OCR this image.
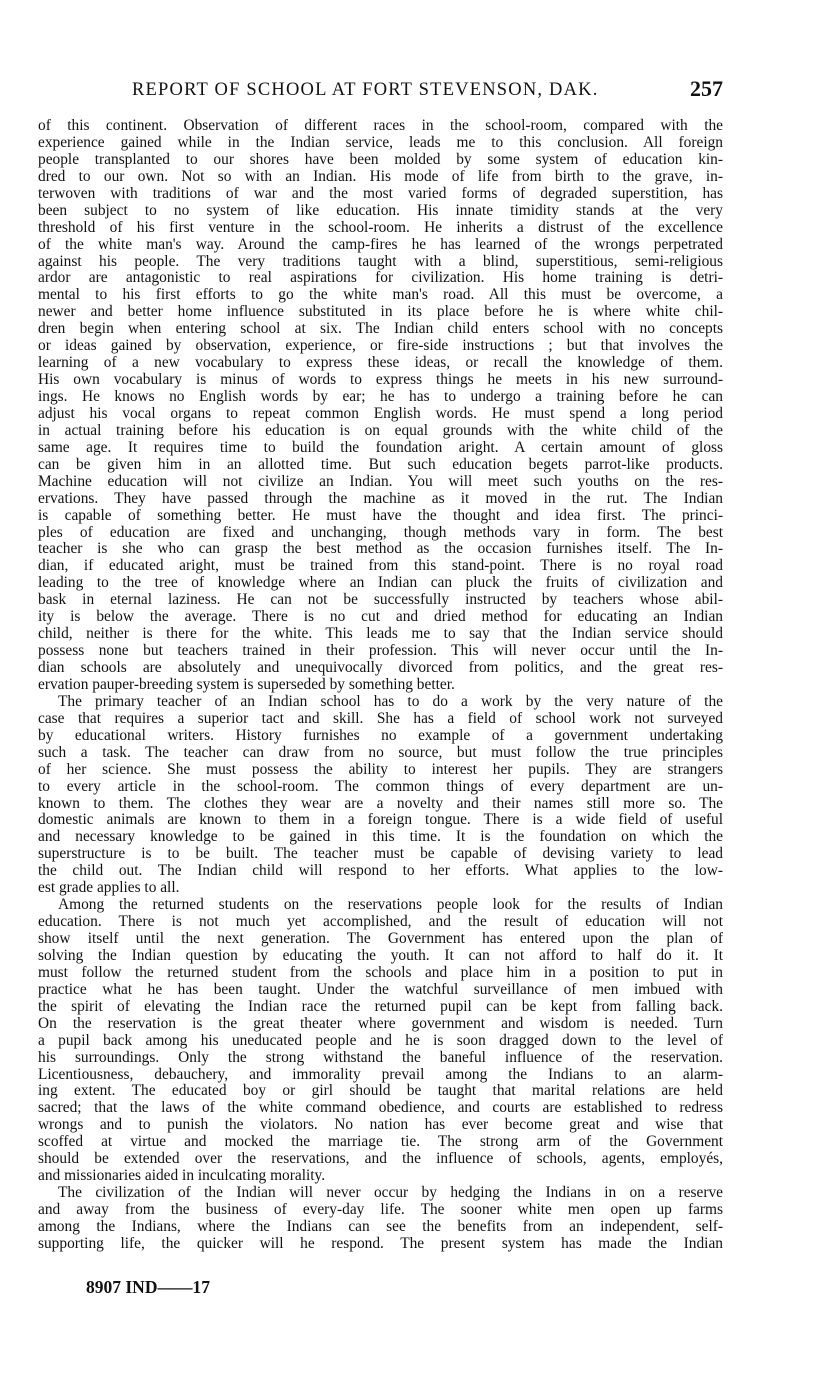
REPORT OF SCHOOL AT FORT STEVENSON, DAK.	257
of this continent. Observation of different races in the school-room, compared with the
experience gained while in the Indian service, leads me to this conclusion. All foreign
people transplanted to our shores have been molded by some system of education kin-
dred to our own. Not so with an Indian. His mode of life from birth to the grave, in-
terwoven with traditions of war and the most varied forms of degraded superstition, has
been subject to no system of like education. His innate timidity stands at the very
threshold of his first venture in the school-room. He inherits a distrust of the excellence
of the white man's way. Around the camp-fires he has learned of the wrongs perpetrated
against his people. The very traditions taught with a blind, superstitious, semi-religious
ardor are antagonistic to real aspirations for civilization. His home training is detri-
mental to his first efforts to go the white man's road. All this must be overcome, a
newer and better home influence substituted in its place before he is where white chil-
dren begin when entering school at six. The Indian child enters school with no concepts
or ideas gained by observation, experience, or fire-side instructions ; but that involves the
learning of a new vocabulary to express these ideas, or recall the knowledge of them.
His own vocabulary is minus of words to express things he meets in his new surround-
ings. He knows no English words by ear; he has to undergo a training before he can
adjust his vocal organs to repeat common English words. He must spend a long period
in actual training before his education is on equal grounds with the white child of the
same age. It requires time to build the foundation aright. A certain amount of gloss
can be given him in an allotted time. But such education begets parrot-like products.
Machine education will not civilize an Indian. You will meet such youths on the res-
ervations. They have passed through the machine as it moved in the rut. The Indian
is capable of something better. He must have the thought and idea first. The princi-
ples of education are fixed and unchanging, though methods vary in form. The best
teacher is she who can grasp the best method as the occasion furnishes itself. The In-
dian, if educated aright, must be trained from this stand-point. There is no royal road
leading to the tree of knowledge where an Indian can pluck the fruits of civilization and
bask in eternal laziness. He can not be successfully instructed by teachers whose abil-
ity is below the average. There is no cut and dried method for educating an Indian
child, neither is there for the white. This leads me to say that the Indian service should
possess none but teachers trained in their profession. This will never occur until the In-
dian schools are absolutely and unequivocally divorced from politics, and the great res-
ervation pauper-breeding system is superseded by something better.
The primary teacher of an Indian school has to do a work by the very nature of the
case that requires a superior tact and skill. She has a field of school work not surveyed
by educational writers. History furnishes no example of a government undertaking
such a task. The teacher can draw from no source, but must follow the true principles
of her science. She must possess the ability to interest her pupils. They are strangers
to every article in the school-room. The common things of every department are un-
known to them. The clothes they wear are a novelty and their names still more so. The
domestic animals are known to them in a foreign tongue. There is a wide field of useful
and necessary knowledge to be gained in this time. It is the foundation on which the
superstructure is to be built. The teacher must be capable of devising variety to lead
the child out. The Indian child will respond to her efforts. What applies to the low-
est grade applies to all.
Among the returned students on the reservations people look for the results of Indian
education. There is not much yet accomplished, and the result of education will not
show itself until the next generation. The Government has entered upon the plan of
solving the Indian question by educating the youth. It can not afford to half do it. It
must follow the returned student from the schools and place him in a position to put in
practice what he has been taught. Under the watchful surveillance of men imbued with
the spirit of elevating the Indian race the returned pupil can be kept from falling back.
On the reservation is the great theater where government and wisdom is needed. Turn
a pupil back among his uneducated people and he is soon dragged down to the level of
his surroundings. Only the strong withstand the baneful influence of the reservation.
Licentiousness, debauchery, and immorality prevail among the Indians to an alarm-
ing extent. The educated boy or girl should be taught that marital relations are held
sacred; that the laws of the white command obedience, and courts are established to redress
wrongs and to punish the violators. No nation has ever become great and wise that
scoffed at virtue and mocked the marriage tie. The strong arm of the Government
should be extended over the reservations, and the influence of schools, agents, employés,
and missionaries aided in inculcating morality.
The civilization of the Indian will never occur by hedging the Indians in on a reserve
and away from the business of every-day life. The sooner white men open up farms
among the Indians, where the Indians can see the benefits from an independent, self-
supporting life, the quicker will he respond. The present system has made the Indian
8907 IND——17
